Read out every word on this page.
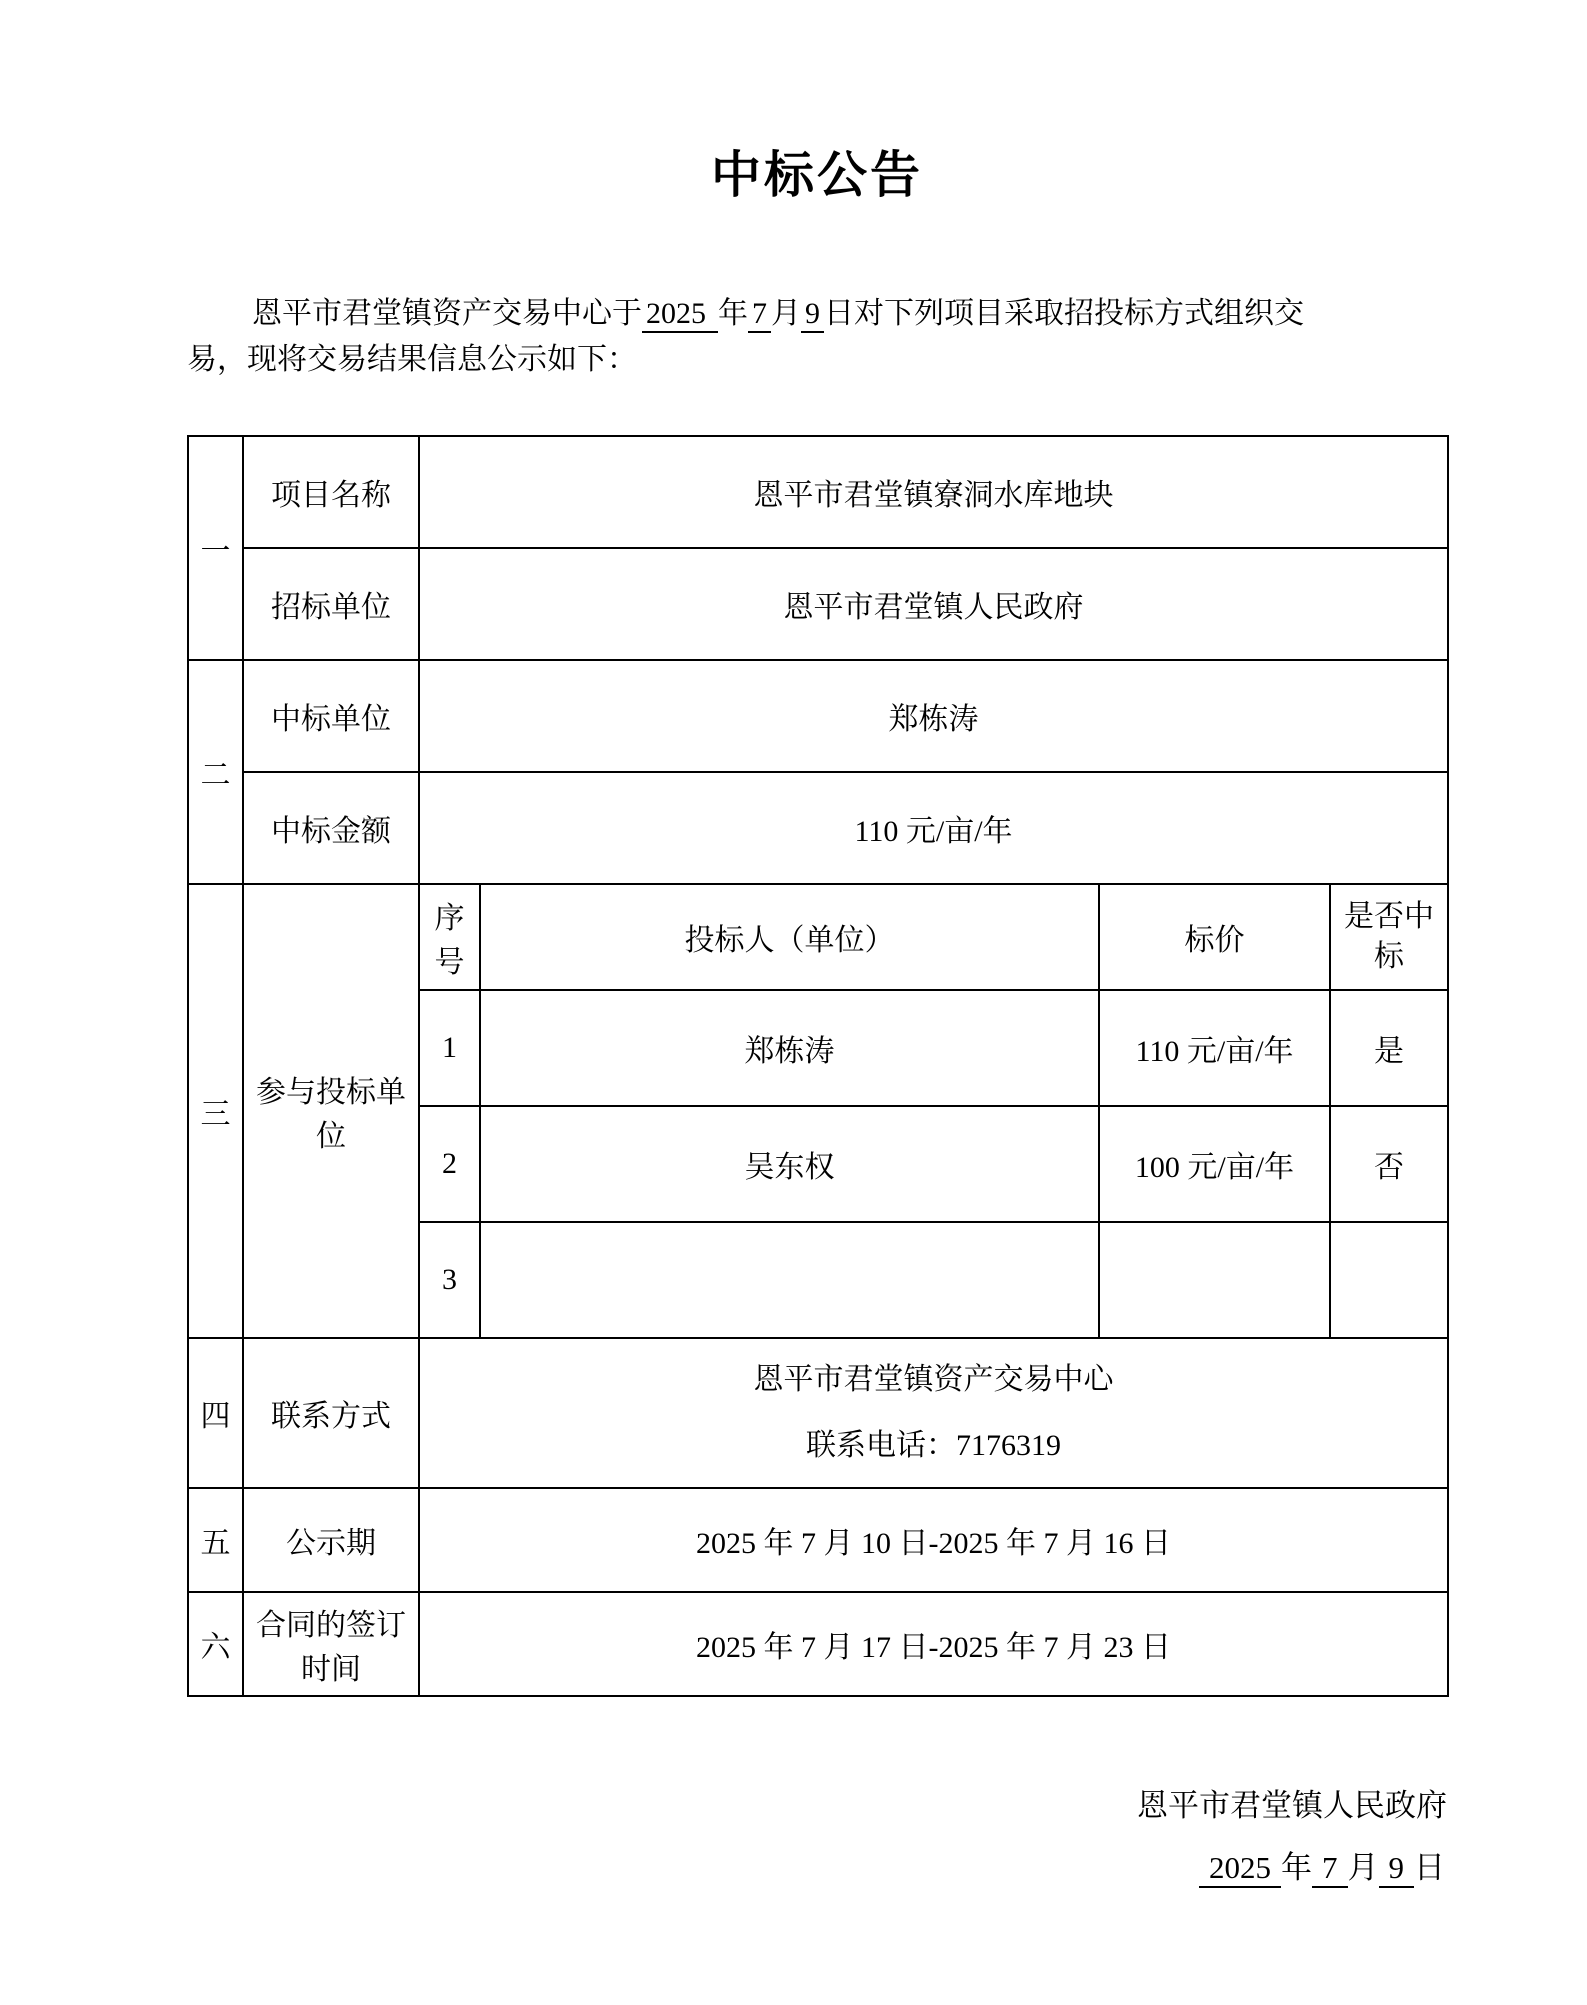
中标公告
恩平市君堂镇资产交易中心于 2025 年 7 月 9 日对下列项目采取招投标方式组织交
易，现将交易结果信息公示如下：
一	项目名称	恩平市君堂镇寮洞水库地块			
	招标单位	恩平市君堂镇人民政府			
二	中标单位	郑栋涛			
	中标金额	110 元/亩/年			
三	参与投标单位	序号	投标人（单位）	标价	是否中标

		1	郑栋涛	110 元/亩/年	是
		2	吴东权	100 元/亩/年	否
		3			
四	联系方式	恩平市君堂镇资产交易中心
联系电话：7176319			

五	公示期	2025 年 7 月 10 日-2025 年 7 月 16 日			
六	合同的签订时间	2025 年 7 月 17 日-2025 年 7 月 23 日			
恩平市君堂镇人民政府
2025 年 7 月 9 日
